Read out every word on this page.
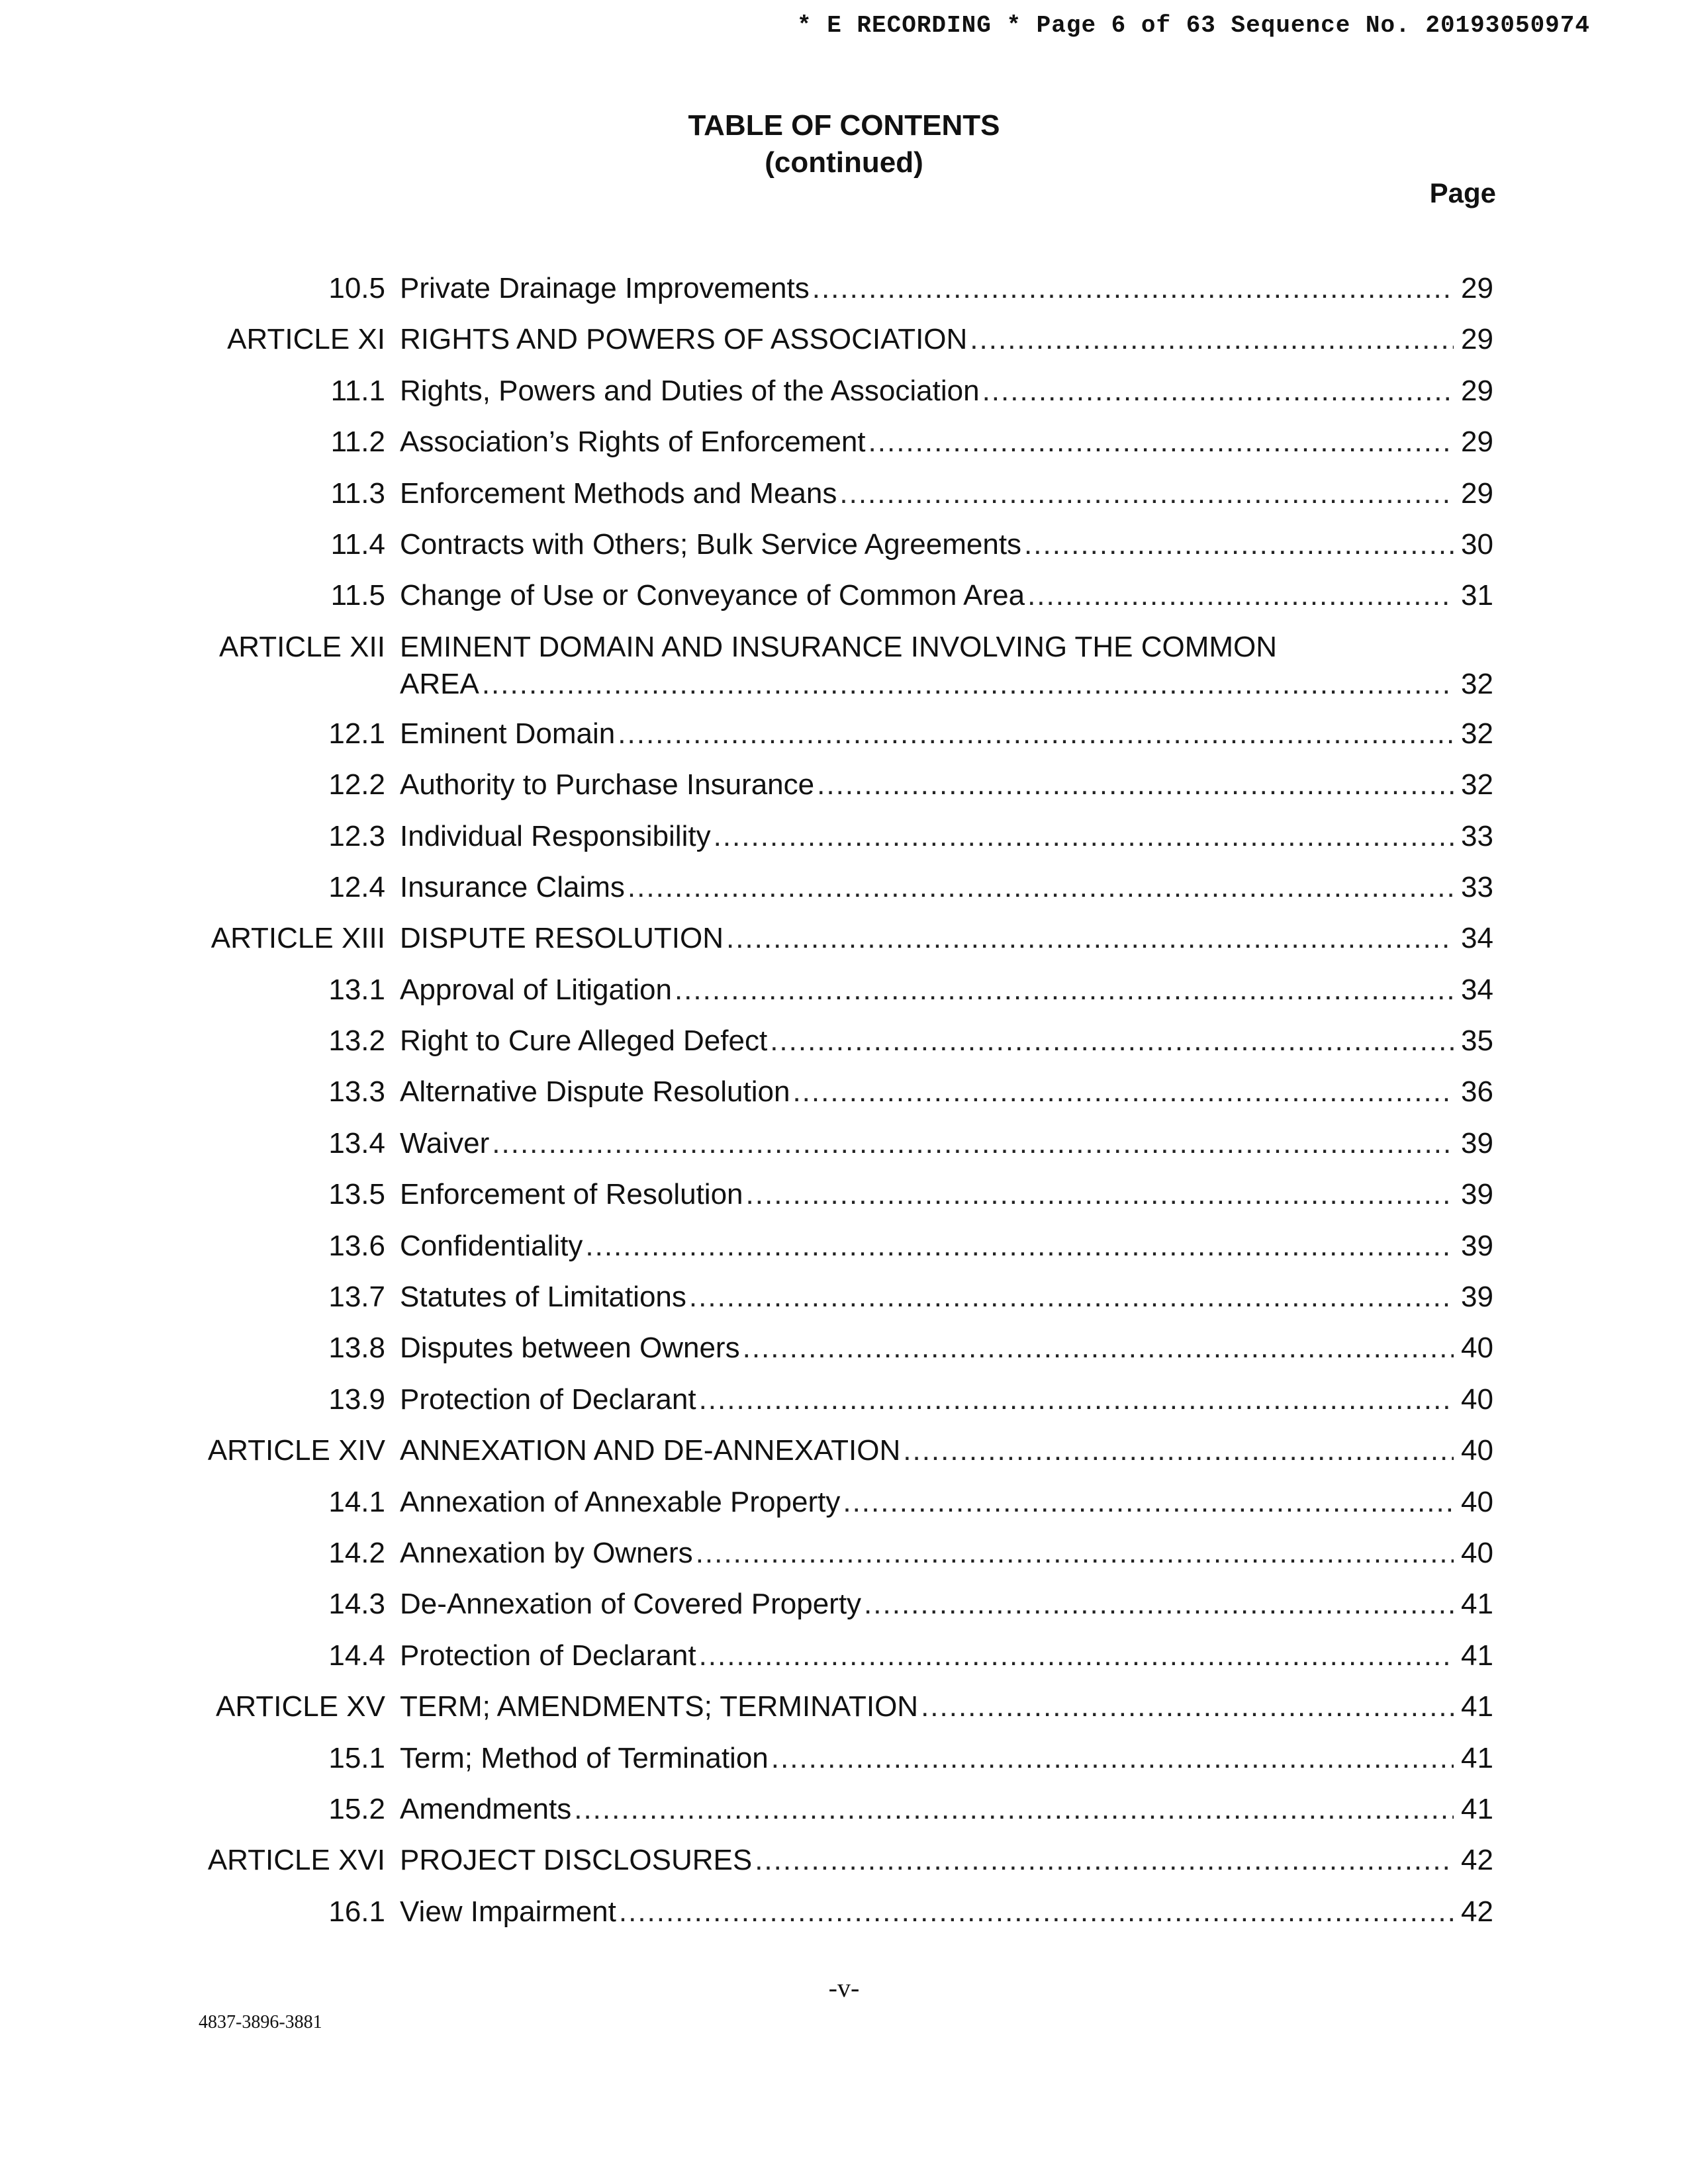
* E RECORDING * Page 6 of 63 Sequence No. 20193050974
TABLE OF CONTENTS
(continued)
Page
10.5 Private Drainage Improvements .....	29
ARTICLE XI RIGHTS AND POWERS OF ASSOCIATION .....	29
11.1 Rights, Powers and Duties of the Association .....	29
11.2 Association’s Rights of Enforcement .....	29
11.3 Enforcement Methods and Means .....	29
11.4 Contracts with Others; Bulk Service Agreements .....	30
11.5 Change of Use or Conveyance of Common Area .....	31
ARTICLE XII EMINENT DOMAIN AND INSURANCE INVOLVING THE COMMON
AREA .....	32
12.1 Eminent Domain .....	32
12.2 Authority to Purchase Insurance .....	32
12.3 Individual Responsibility .....	33
12.4 Insurance Claims .....	33
ARTICLE XIII DISPUTE RESOLUTION .....	34
13.1 Approval of Litigation .....	34
13.2 Right to Cure Alleged Defect .....	35
13.3 Alternative Dispute Resolution .....	36
13.4 Waiver .....	39
13.5 Enforcement of Resolution .....	39
13.6 Confidentiality .....	39
13.7 Statutes of Limitations .....	39
13.8 Disputes between Owners .....	40
13.9 Protection of Declarant .....	40
ARTICLE XIV ANNEXATION AND DE-ANNEXATION .....	40
14.1 Annexation of Annexable Property .....	40
14.2 Annexation by Owners .....	40
14.3 De-Annexation of Covered Property .....	41
14.4 Protection of Declarant .....	41
ARTICLE XV TERM; AMENDMENTS; TERMINATION .....	41
15.1 Term; Method of Termination .....	41
15.2 Amendments .....	41
ARTICLE XVI PROJECT DISCLOSURES .....	42
16.1 View Impairment .....	42
-v-
4837-3896-3881
